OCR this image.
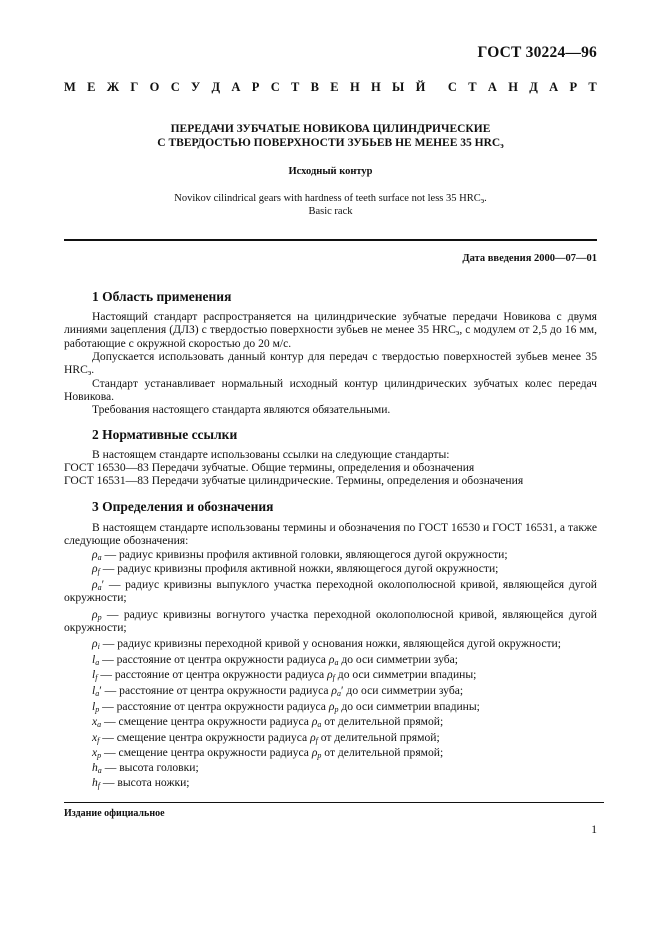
ГОСТ 30224—96
М Е Ж Г О С У Д А Р С Т В Е Н Н Ы Й С Т А Н Д А Р Т
ПЕРЕДАЧИ ЗУБЧАТЫЕ НОВИКОВА ЦИЛИНДРИЧЕСКИЕ
С ТВЕРДОСТЬЮ ПОВЕРХНОСТИ ЗУБЬЕВ НЕ МЕНЕЕ 35 $HRC_э$
Исходный контур
Novikov cilindrical gears with hardness of teeth surface not less 35 $HRC_э$.
Basic rack
Дата введения 2000—07—01
1 Область применения
Настоящий стандарт распространяется на цилиндрические зубчатые передачи Новикова с двумя линиями зацепления (ДЛЗ) с твердостью поверхности зубьев не менее 35 $HRC_э$, с модулем от 2,5 до 16 мм, работающие с окружной скоростью до 20 м/с.
Допускается использовать данный контур для передач с твердостью поверхностей зубьев менее 35 $HRC_э$.
Стандарт устанавливает нормальный исходный контур цилиндрических зубчатых колес передач Новикова.
Требования настоящего стандарта являются обязательными.
2 Нормативные ссылки
В настоящем стандарте использованы ссылки на следующие стандарты:
ГОСТ 16530—83 Передачи зубчатые. Общие термины, определения и обозначения
ГОСТ 16531—83 Передачи зубчатые цилиндрические. Термины, определения и обозначения
3 Определения и обозначения
В настоящем стандарте использованы термины и обозначения по ГОСТ 16530 и ГОСТ 16531, а также следующие обозначения:
$\rho_a$ — радиус кривизны профиля активной головки, являющегося дугой окружности;
$\rho_f$ — радиус кривизны профиля активной ножки, являющегося дугой окружности;
$\rho_a'$ — радиус кривизны выпуклого участка переходной околополюсной кривой, являющейся дугой окружности;
$\rho_p$ — радиус кривизны вогнутого участка переходной околополюсной кривой, являющейся дугой окружности;
$\rho_i$ — радиус кривизны переходной кривой у основания ножки, являющейся дугой окружности;
$l_a$ — расстояние от центра окружности радиуса $\rho_a$ до оси симметрии зуба;
$l_f$ — расстояние от центра окружности радиуса $\rho_f$ до оси симметрии впадины;
$l_a'$ — расстояние от центра окружности радиуса $\rho_a'$ до оси симметрии зуба;
$l_p$ — расстояние от центра окружности радиуса $\rho_p$ до оси симметрии впадины;
$x_a$ — смещение центра окружности радиуса $\rho_a$ от делительной прямой;
$x_f$ — смещение центра окружности радиуса $\rho_f$ от делительной прямой;
$x_p$ — смещение центра окружности радиуса $\rho_p$ от делительной прямой;
$h_a$ — высота головки;
$h_f$ — высота ножки;
Издание официальное
1
